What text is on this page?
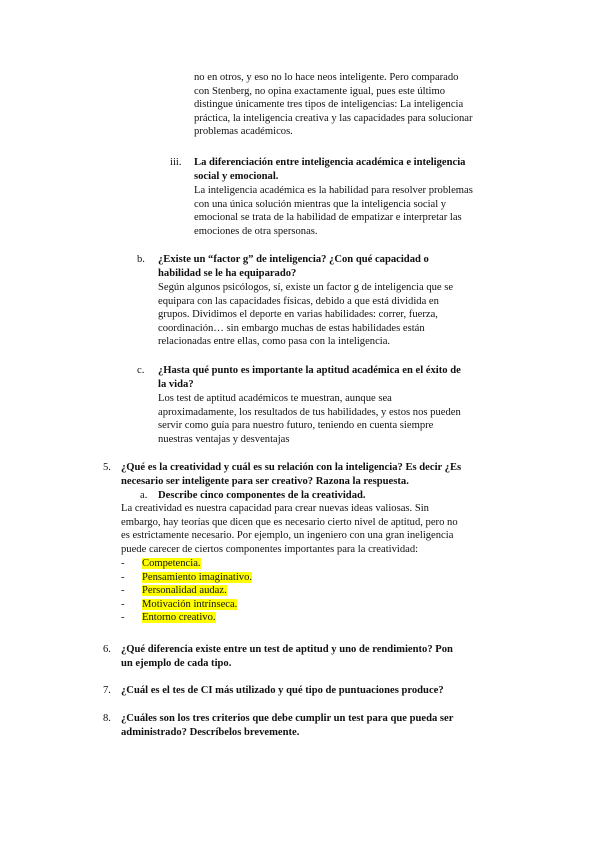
no en otros, y eso no lo hace neos inteligente. Pero comparado

con Stenberg, no opina exactamente igual, pues este último

distingue únicamente tres tipos de inteligencias: La inteligencia

práctica, la inteligencia creativa y las capacidades para solucionar

problemas académicos.

iii. La diferenciación entre inteligencia académica e inteligencia

social y emocional.

La inteligencia académica es la habilidad para resolver problemas

con una única solución mientras que la inteligencia social y

emocional se trata de la habilidad de empatizar e interpretar las

emociones de otra spersonas.

b. ¿Existe un “factor g” de inteligencia? ¿Con qué capacidad o

habilidad se le ha equiparado?

Según algunos psicólogos, sí, existe un factor g de inteligencia que se

equipara con las capacidades físicas, debido a que está dividida en

grupos. Dividimos el deporte en varias habilidades: correr, fuerza,

coordinación… sin embargo muchas de estas habilidades están

relacionadas entre ellas, como pasa con la inteligencia.

c. ¿Hasta qué punto es importante la aptitud académica en el éxito de

la vida?

Los test de aptitud académicos te muestran, aunque sea

aproximadamente, los resultados de tus habilidades, y estos nos pueden

servir como guía para nuestro futuro, teniendo en cuenta siempre

nuestras ventajas y desventajas

5. ¿Qué es la creatividad y cuál es su relación con la inteligencia? Es decir ¿Es

necesario ser inteligente para ser creativo? Razona la respuesta.

a. Describe cinco componentes de la creatividad.

La creatividad es nuestra capacidad para crear nuevas ideas valiosas. Sin

embargo, hay teorías que dicen que es necesario cierto nivel de aptitud, pero no

es estrictamente necesario. Por ejemplo, un ingeniero con una gran ineligencia

puede carecer de ciertos componentes importantes para la creatividad:

- Competencia.
- Pensamiento imaginativo.
- Personalidad audaz.
- Motivación intrínseca.
- Entorno creativo.
6. ¿Qué diferencia existe entre un test de aptitud y uno de rendimiento? Pon

un ejemplo de cada tipo.

7. ¿Cuál es el tes de CI más utilizado y qué tipo de puntuaciones produce?

8. ¿Cuáles son los tres criterios que debe cumplir un test para que pueda ser

administrado? Descríbelos brevemente.
